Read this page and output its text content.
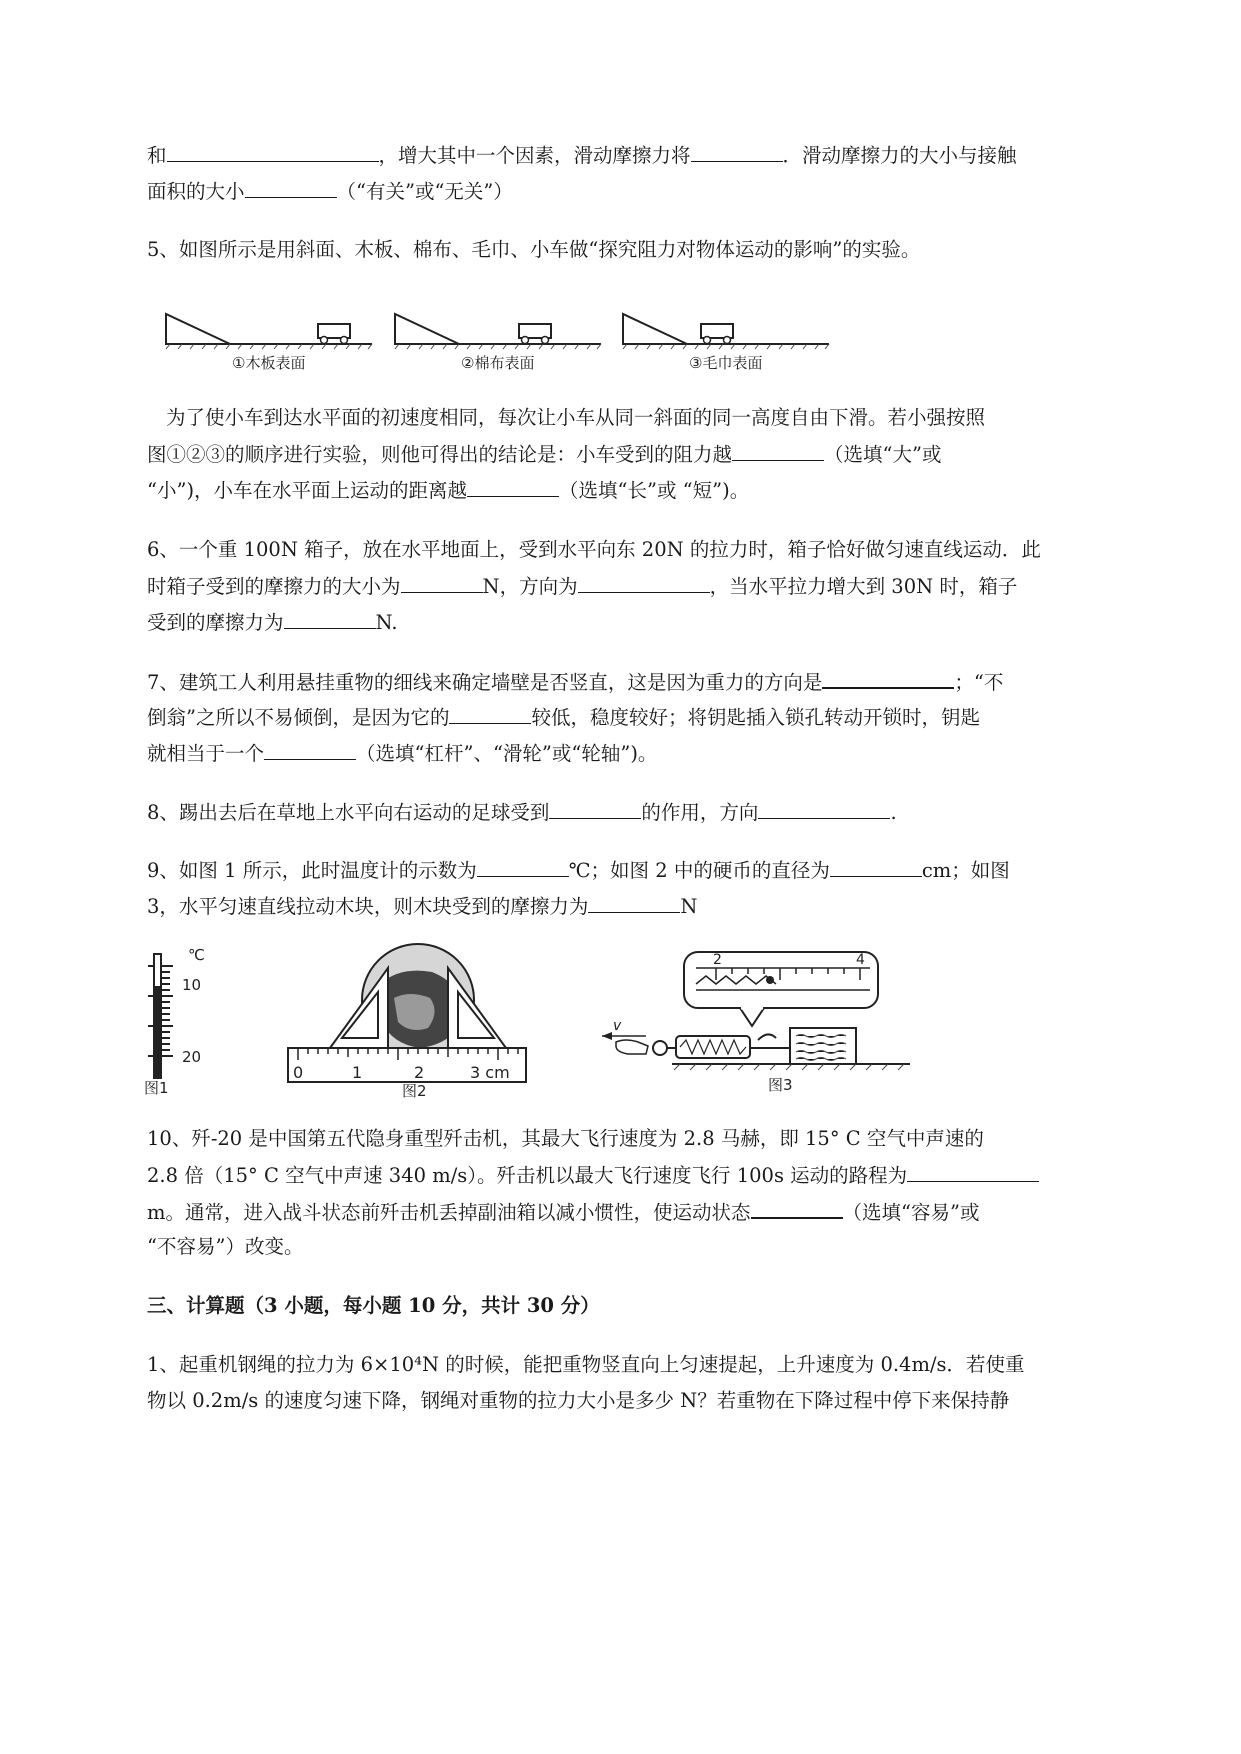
和	，增大其中一个因素，滑动摩擦力将	．滑动摩擦力的大小与接触
面积的大小	（“有关”或“无关”）
5、如图所示是用斜面、木板、棉布、毛巾、小车做“探究阻力对物体运动的影响”的实验。
①木板表面	②棉布表面	③毛巾表面
为了使小车到达水平面的初速度相同，每次让小车从同一斜面的同一高度自由下滑。若小强按照
图①②③的顺序进行实验，则他可得出的结论是：小车受到的阻力越	（选填“大”或
“小”)，小车在水平面上运动的距离越	（选填“长”或 “短”)。
6、一个重 100N 箱子，放在水平地面上，受到水平向东 20N 的拉力时，箱子恰好做匀速直线运动．此
时箱子受到的摩擦力的大小为	N，方向为	，当水平拉力增大到 30N 时，箱子
受到的摩擦力为	N.
7、建筑工人利用悬挂重物的细线来确定墙壁是否竖直，这是因为重力的方向是	；“不
倒翁”之所以不易倾倒，是因为它的	较低，稳度较好；将钥匙插入锁孔转动开锁时，钥匙
就相当于一个	（选填“杠杆”、“滑轮”或“轮轴”)。
8、踢出去后在草地上水平向右运动的足球受到	的作用，方向	.
9、如图 1 所示，此时温度计的示数为	℃；如图 2 中的硬币的直径为	cm；如图
3，水平匀速直线拉动木块，则木块受到的摩擦力为	N
℃
10
20
图1
0	1	2	3 cm
图2
2	4
v
图3
10、歼-20 是中国第五代隐身重型歼击机，其最大飞行速度为 2.8 马赫，即 15° C 空气中声速的
2.8 倍（15° C 空气中声速 340 m/s）。歼击机以最大飞行速度飞行 100s 运动的路程为
m。通常，进入战斗状态前歼击机丢掉副油箱以减小惯性，使运动状态	（选填“容易”或
“不容易”）改变。
三、计算题（3 小题，每小题 10 分，共计 30 分）
1、起重机钢绳的拉力为 6×10⁴N 的时候，能把重物竖直向上匀速提起，上升速度为 0.4m/s．若使重
物以 0.2m/s 的速度匀速下降，钢绳对重物的拉力大小是多少 N？若重物在下降过程中停下来保持静
